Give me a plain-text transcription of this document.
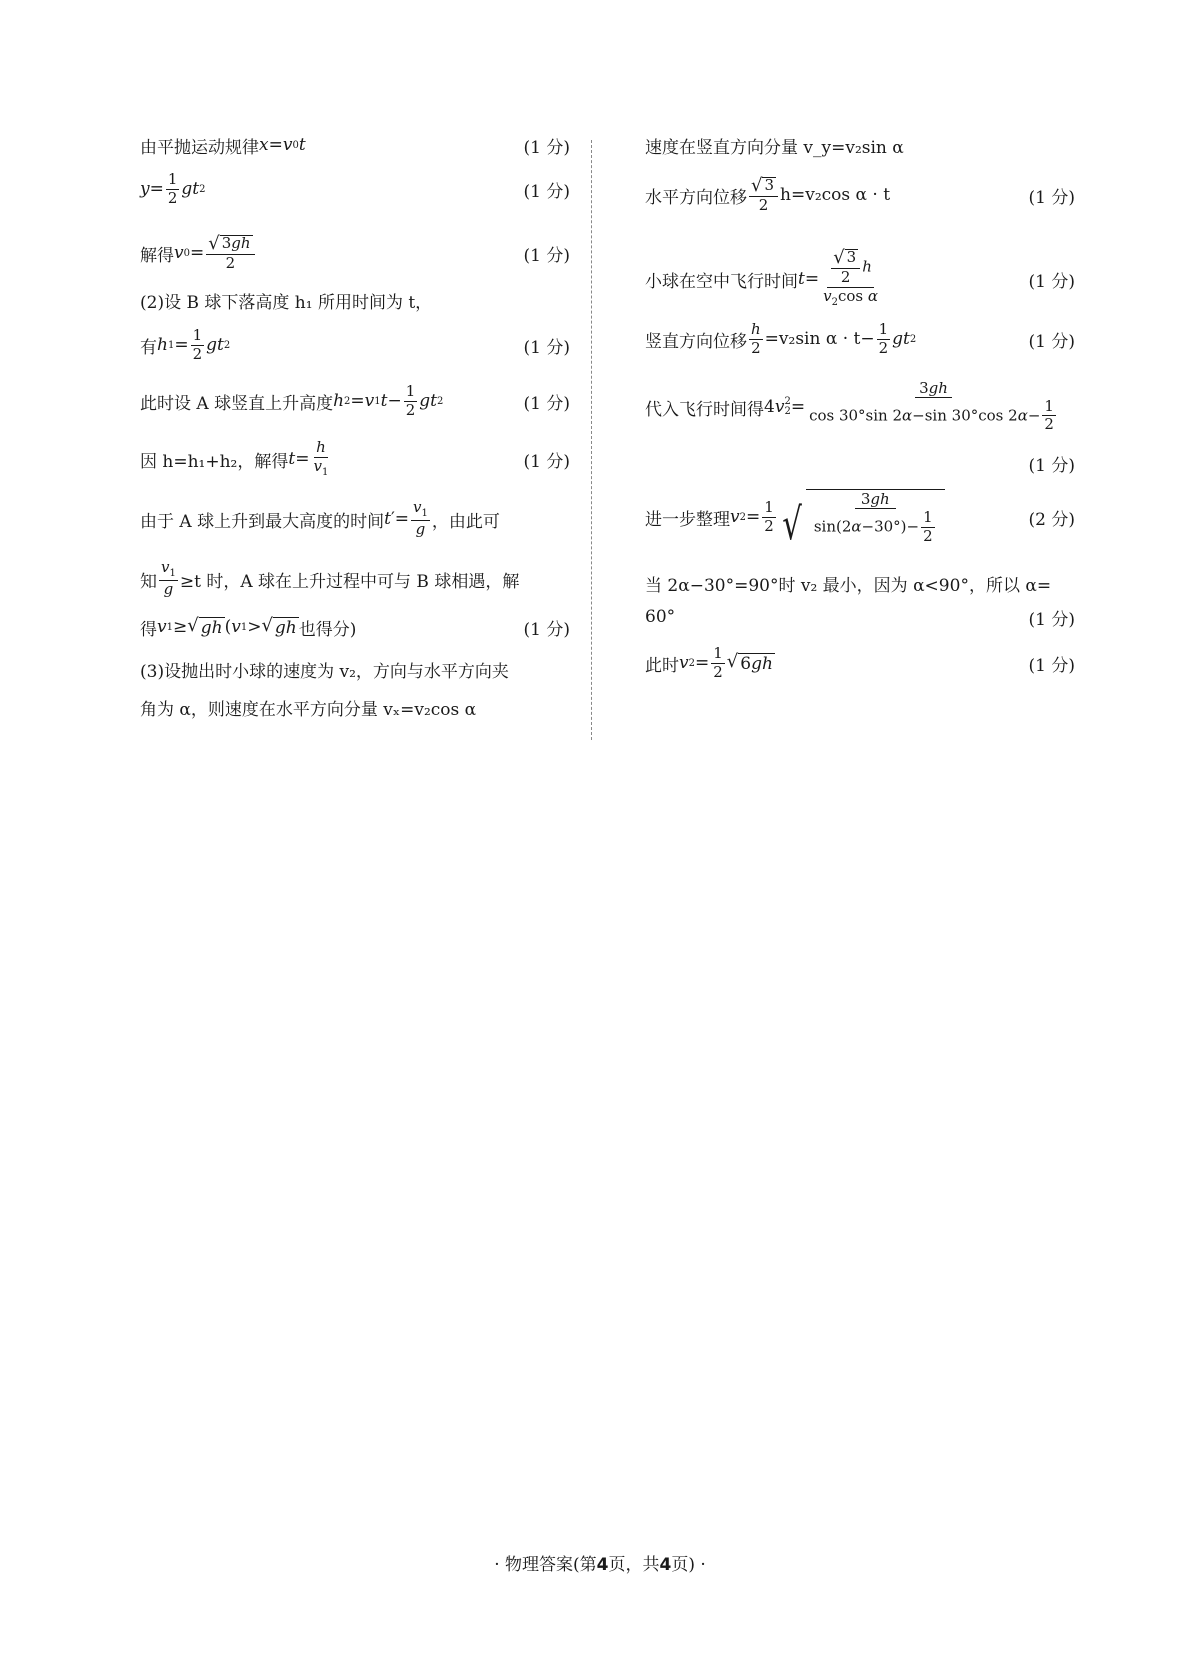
由平抛运动规律 x = v 0 t	(1 分)
$y = \frac{1}{2}$ gt 2	(1 分)
解得 v $0 = \frac{√ 3gh}{2}$	(1 分)
(2)设 B 球下落高度 h₁ 所用时间为 t，
有 h $1 = \frac{1}{2}$ gt 2	(1 分)
此时设 A 球竖直上升高度 h 2 = v 1 $t - \frac{1}{2}$ gt 2	(1 分)
因 h=h₁+h₂，解得 $t = \frac{h}{v_1}$	(1 分)
由于 A 球上升到最大高度的时间 t ′= $\frac{v_1}{g}$ ，由此可
知 $\frac{v_1}{g} \ge t$ 时，A 球在上升过程中可与 B 球相遇，解
得 v 1 ≥ √ gh ( v 1 > √ gh 也得分)	(1 分)
(3)设抛出时小球的速度为 v₂，方向与水平方向夹
角为 α，则速度在水平方向分量 vₓ=v₂cos α
速度在竖直方向分量 v_y=v₂sin α
水平方向位移 $\frac{√ 3}{2} h=v_2\cos$ α · t	(1 分)
小球在空中飞行时间 $t = \frac{\frac{√ 3}{2} h}{v_2\cos \alpha}$	(1 分)
竖直方向位移 $\frac{h}{2} =v_2\sin$ $\alpha \cdot t- \frac{1}{2}$ gt 2	(1 分)
代入飞行时间得 4 v 2
$2 = \frac{3gh}{\cos 30^\circ\sin 2\alpha-\sin 30^\circ\cos 2\alpha- \frac{1}{2}}$
(1 分)
进一步整理 v $2 = \frac{1}{2}$ √ $\frac{3gh}{\sin(2\alpha-30^\circ)- \frac{1}{2}}$	(2 分)
当 2α−30°=90°时 v₂ 最小，因为 α<90°，所以 α=
60°	(1 分)
此时 v $2 = \frac{1}{2}$ √ 6gh	(1 分)
· 物理答案(第4页，共4页) ·
